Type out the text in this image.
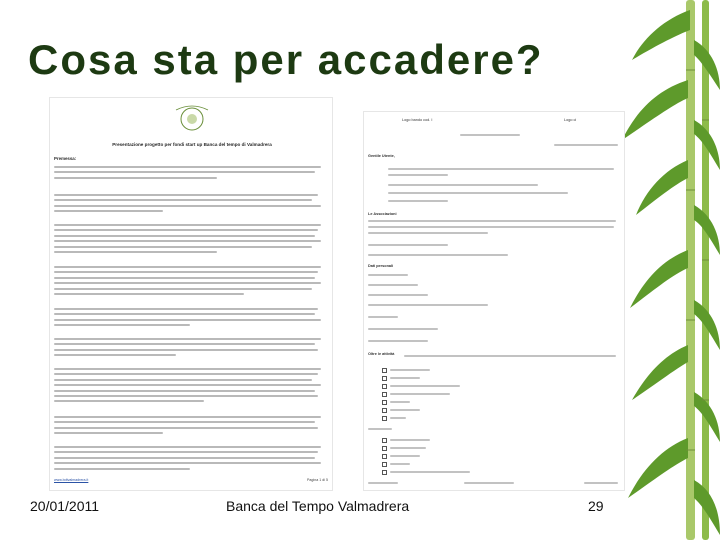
Cosa sta per accadere?
Presentazione progetto per fondi start up Banca del tempo di Valmadrera
Premessa:
www.bdtvalmadrera.it	Pagina 1 di 5
Logo bando cod. I	Logo ci
Gentile Utente,
Le Associazioni
Dati personali
Oltre le attività
20/01/2011	Banca del Tempo Valmadrera	29
